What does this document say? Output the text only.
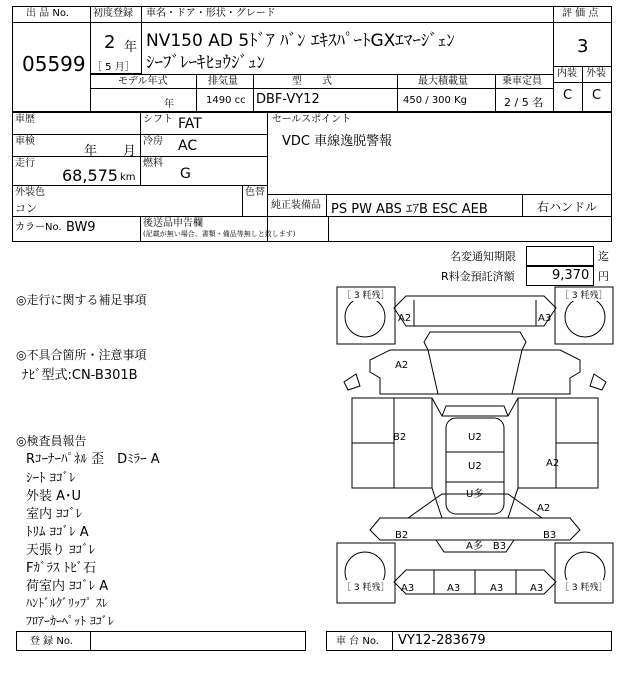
出 品 No.
05599
初度登録
2 年
［ 5 月］
車名・ドア・形状・グレード
NV150 AD 5ﾄﾞｱ ﾊﾞﾝ ｴｷｽﾊﾟｰﾄGXｴﾏｰｼﾞｪﾝ
ｼｰﾌﾞﾚｰｷﾋｮｳｼﾞｭﾝ
評 価 点
3
内装 外装
C C
モデル年式	排気量	型　　式	最大積載量	乗車定員
年	1490 cc DBF-VY12	450 / 300 Kg	2 / 5 名
車歴	シフト FAT
車検
年　　月
冷房 AC
走行
68,575 km
燃料
G
外装色
コン
色替
セールスポイント
VDC 車線逸脱警報
純正装備品 PS PW ABS ｴｱB ESC AEB	右ハンドル
カラーNo. BW9	後送品申告欄
(記載が無い場合、書類・備品等無しと致します)
名変通知期限	迄
R料金預託済額	9,370 円
◎走行に関する補足事項
◎不具合箇所・注意事項
ﾅﾋﾞ型式:CN-B301B
◎検査員報告
Rｺｰﾅｰﾊﾟﾈﾙ 歪　Dﾐﾗｰ A
ｼｰﾄ ﾖｺﾞﾚ
外装 A･U
室内 ﾖｺﾞﾚ
ﾄﾘﾑ ﾖｺﾞﾚ A
天張り ﾖｺﾞﾚ
Fｶﾞﾗｽ ﾄﾋﾞ石
荷室内 ﾖｺﾞﾚ A
ﾊﾝﾄﾞﾙｸﾞﾘｯﾌﾟ ｽﾚ
ﾌﾛｱｰｶｰﾍﾟｯﾄ ﾖｺﾞﾚ
［ 3 粍残］	［ 3 粍残］
［ 3 粍残］	［ 3 粍残］
A2	A3
A2
B2
B2
U2
U2
U多
A2
A2
B3
A多　B3
A3	A3	A3	A3
登 録 No.	車 台 No. VY12-283679
